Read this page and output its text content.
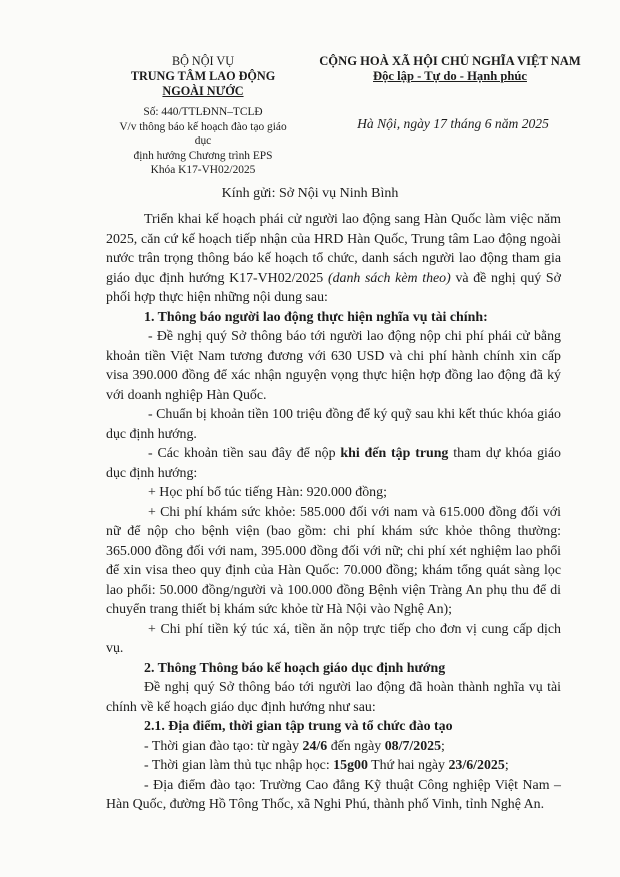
BỘ NỘI VỤ
TRUNG TÂM LAO ĐỘNG
NGOÀI NƯỚC
Số: 440/TTLĐNN–TCLĐ
V/v thông báo kế hoạch đào tạo giáo dục
định hướng Chương trình EPS
Khóa K17-VH02/2025
CỘNG HOÀ XÃ HỘI CHỦ NGHĨA VIỆT NAM
Độc lập - Tự do - Hạnh phúc
Hà Nội, ngày 17 tháng 6 năm 2025
Kính gửi: Sở Nội vụ Ninh Bình

Triển khai kế hoạch phái cử người lao động sang Hàn Quốc làm việc năm 2025, căn cứ kế hoạch tiếp nhận của HRD Hàn Quốc, Trung tâm Lao động ngoài nước trân trọng thông báo kế hoạch tổ chức, danh sách người lao động tham gia giáo dục định hướng K17-VH02/2025 (danh sách kèm theo) và đề nghị quý Sở phối hợp thực hiện những nội dung sau:

1. Thông báo người lao động thực hiện nghĩa vụ tài chính:

- Đề nghị quý Sở thông báo tới người lao động nộp chi phí phái cử bằng khoản tiền Việt Nam tương đương với 630 USD và chi phí hành chính xin cấp visa 390.000 đồng để xác nhận nguyện vọng thực hiện hợp đồng lao động đã ký với doanh nghiệp Hàn Quốc.

- Chuẩn bị khoản tiền 100 triệu đồng để ký quỹ sau khi kết thúc khóa giáo dục định hướng.

- Các khoản tiền sau đây để nộp khi đến tập trung tham dự khóa giáo dục định hướng:

+ Học phí bổ túc tiếng Hàn: 920.000 đồng;

+ Chi phí khám sức khỏe: 585.000 đối với nam và 615.000 đồng đối với nữ để nộp cho bệnh viện (bao gồm: chi phí khám sức khỏe thông thường: 365.000 đồng đối với nam, 395.000 đồng đối với nữ; chi phí xét nghiệm lao phổi để xin visa theo quy định của Hàn Quốc: 70.000 đồng; khám tổng quát sàng lọc lao phổi: 50.000 đồng/người và 100.000 đồng Bệnh viện Tràng An phụ thu để di chuyển trang thiết bị khám sức khỏe từ Hà Nội vào Nghệ An);

+ Chi phí tiền ký túc xá, tiền ăn nộp trực tiếp cho đơn vị cung cấp dịch vụ.

2. Thông Thông báo kế hoạch giáo dục định hướng

Đề nghị quý Sở thông báo tới người lao động đã hoàn thành nghĩa vụ tài chính về kế hoạch giáo dục định hướng như sau:

2.1. Địa điểm, thời gian tập trung và tổ chức đào tạo

- Thời gian đào tạo: từ ngày 24/6 đến ngày 08/7/2025;

- Thời gian làm thủ tục nhập học: 15g00 Thứ hai ngày 23/6/2025;

- Địa điểm đào tạo: Trường Cao đẳng Kỹ thuật Công nghiệp Việt Nam – Hàn Quốc, đường Hồ Tông Thốc, xã Nghi Phú, thành phố Vinh, tỉnh Nghệ An.
